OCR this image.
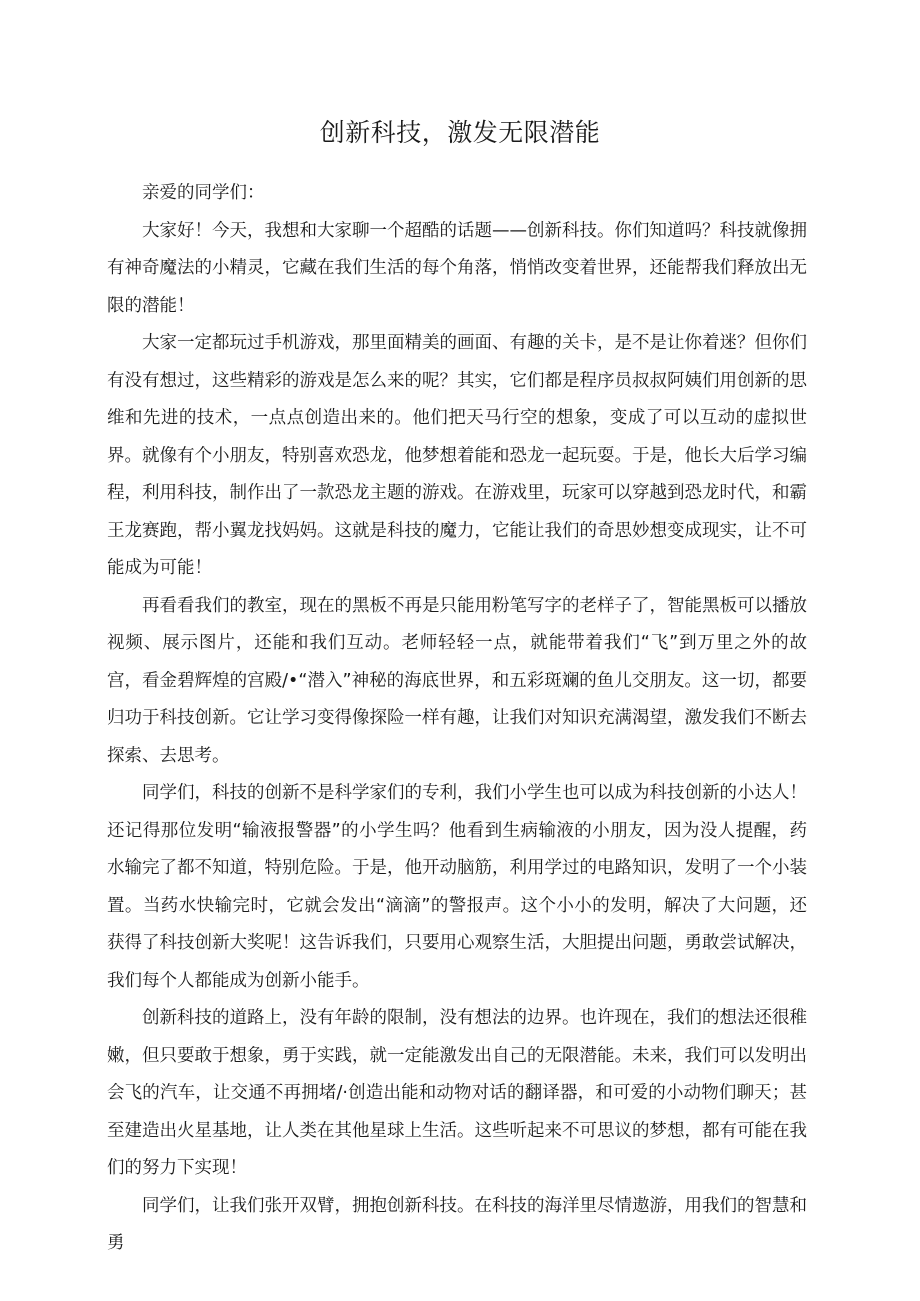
创新科技，激发无限潜能

亲爱的同学们：

大家好！今天，我想和大家聊一个超酷的话题——创新科技。你们知道吗？科技就像拥有神奇魔法的小精灵，它藏在我们生活的每个角落，悄悄改变着世界，还能帮我们释放出无限的潜能！

大家一定都玩过手机游戏，那里面精美的画面、有趣的关卡，是不是让你着迷？但你们有没有想过，这些精彩的游戏是怎么来的呢？其实，它们都是程序员叔叔阿姨们用创新的思维和先进的技术，一点点创造出来的。他们把天马行空的想象，变成了可以互动的虚拟世界。就像有个小朋友，特别喜欢恐龙，他梦想着能和恐龙一起玩耍。于是，他长大后学习编程，利用科技，制作出了一款恐龙主题的游戏。在游戏里，玩家可以穿越到恐龙时代，和霸王龙赛跑，帮小翼龙找妈妈。这就是科技的魔力，它能让我们的奇思妙想变成现实，让不可能成为可能！

再看看我们的教室，现在的黑板不再是只能用粉笔写字的老样子了，智能黑板可以播放视频、展示图片，还能和我们互动。老师轻轻一点，就能带着我们“飞”到万里之外的故宫，看金碧辉煌的宫殿/•“潜入”神秘的海底世界，和五彩斑斓的鱼儿交朋友。这一切，都要归功于科技创新。它让学习变得像探险一样有趣，让我们对知识充满渴望，激发我们不断去探索、去思考。

同学们，科技的创新不是科学家们的专利，我们小学生也可以成为科技创新的小达人！还记得那位发明“输液报警器”的小学生吗？他看到生病输液的小朋友，因为没人提醒，药水输完了都不知道，特别危险。于是，他开动脑筋，利用学过的电路知识，发明了一个小装置。当药水快输完时，它就会发出“滴滴”的警报声。这个小小的发明，解决了大问题，还获得了科技创新大奖呢！这告诉我们，只要用心观察生活，大胆提出问题，勇敢尝试解决，我们每个人都能成为创新小能手。

创新科技的道路上，没有年龄的限制，没有想法的边界。也许现在，我们的想法还很稚嫩，但只要敢于想象，勇于实践，就一定能激发出自己的无限潜能。未来，我们可以发明出会飞的汽车，让交通不再拥堵/·创造出能和动物对话的翻译器，和可爱的小动物们聊天；甚至建造出火星基地，让人类在其他星球上生活。这些听起来不可思议的梦想，都有可能在我们的努力下实现！

同学们，让我们张开双臂，拥抱创新科技。在科技的海洋里尽情遨游，用我们的智慧和勇
